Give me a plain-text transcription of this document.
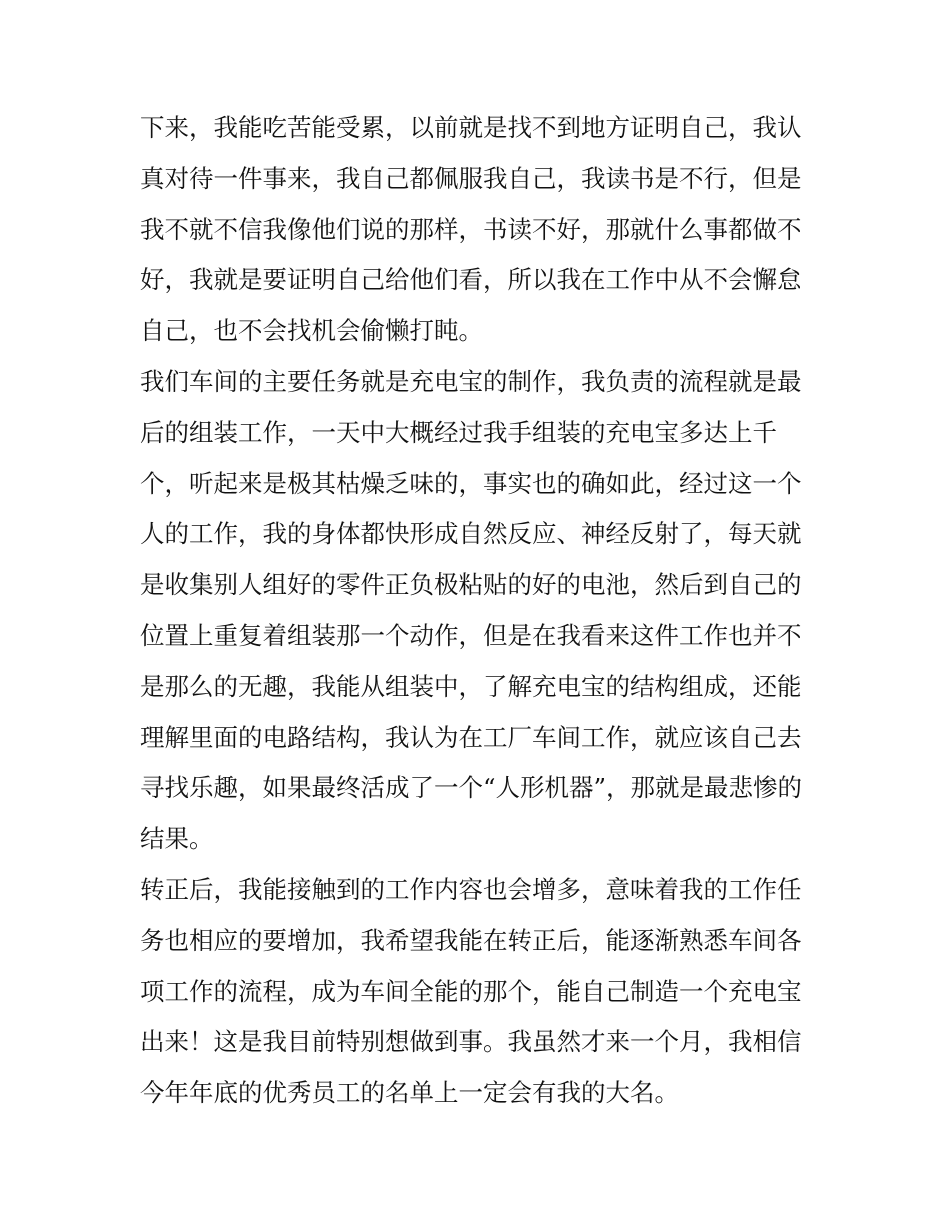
下来，我能吃苦能受累，以前就是找不到地方证明自己，我认
真对待一件事来，我自己都佩服我自己，我读书是不行，但是
我不就不信我像他们说的那样，书读不好，那就什么事都做不
好，我就是要证明自己给他们看，所以我在工作中从不会懈怠
自己，也不会找机会偷懒打盹。
我们车间的主要任务就是充电宝的制作，我负责的流程就是最
后的组装工作，一天中大概经过我手组装的充电宝多达上千
个，听起来是极其枯燥乏味的，事实也的确如此，经过这一个
人的工作，我的身体都快形成自然反应、神经反射了，每天就
是收集别人组好的零件正负极粘贴的好的电池，然后到自己的
位置上重复着组装那一个动作，但是在我看来这件工作也并不
是那么的无趣，我能从组装中，了解充电宝的结构组成，还能
理解里面的电路结构，我认为在工厂车间工作，就应该自己去
寻找乐趣，如果最终活成了一个“人形机器”，那就是最悲惨的
结果。
转正后，我能接触到的工作内容也会增多，意味着我的工作任
务也相应的要增加，我希望我能在转正后，能逐渐熟悉车间各
项工作的流程，成为车间全能的那个，能自己制造一个充电宝
出来！这是我目前特别想做到事。我虽然才来一个月，我相信
今年年底的优秀员工的名单上一定会有我的大名。
